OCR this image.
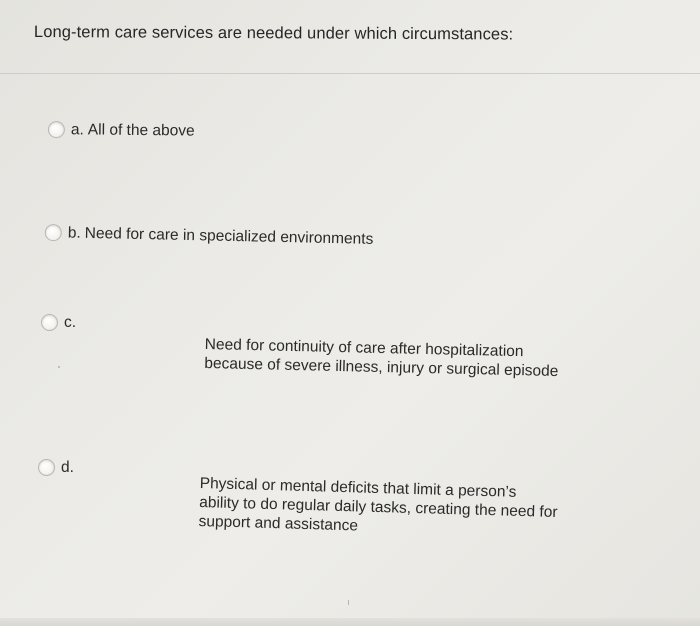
Long-term care services are needed under which circumstances:
a. All of the above
b. Need for care in specialized environments
c.
Need for continuity of care after hospitalization because of severe illness, injury or surgical episode
d.
Physical or mental deficits that limit a person’s ability to do regular daily tasks, creating the need for support and assistance
